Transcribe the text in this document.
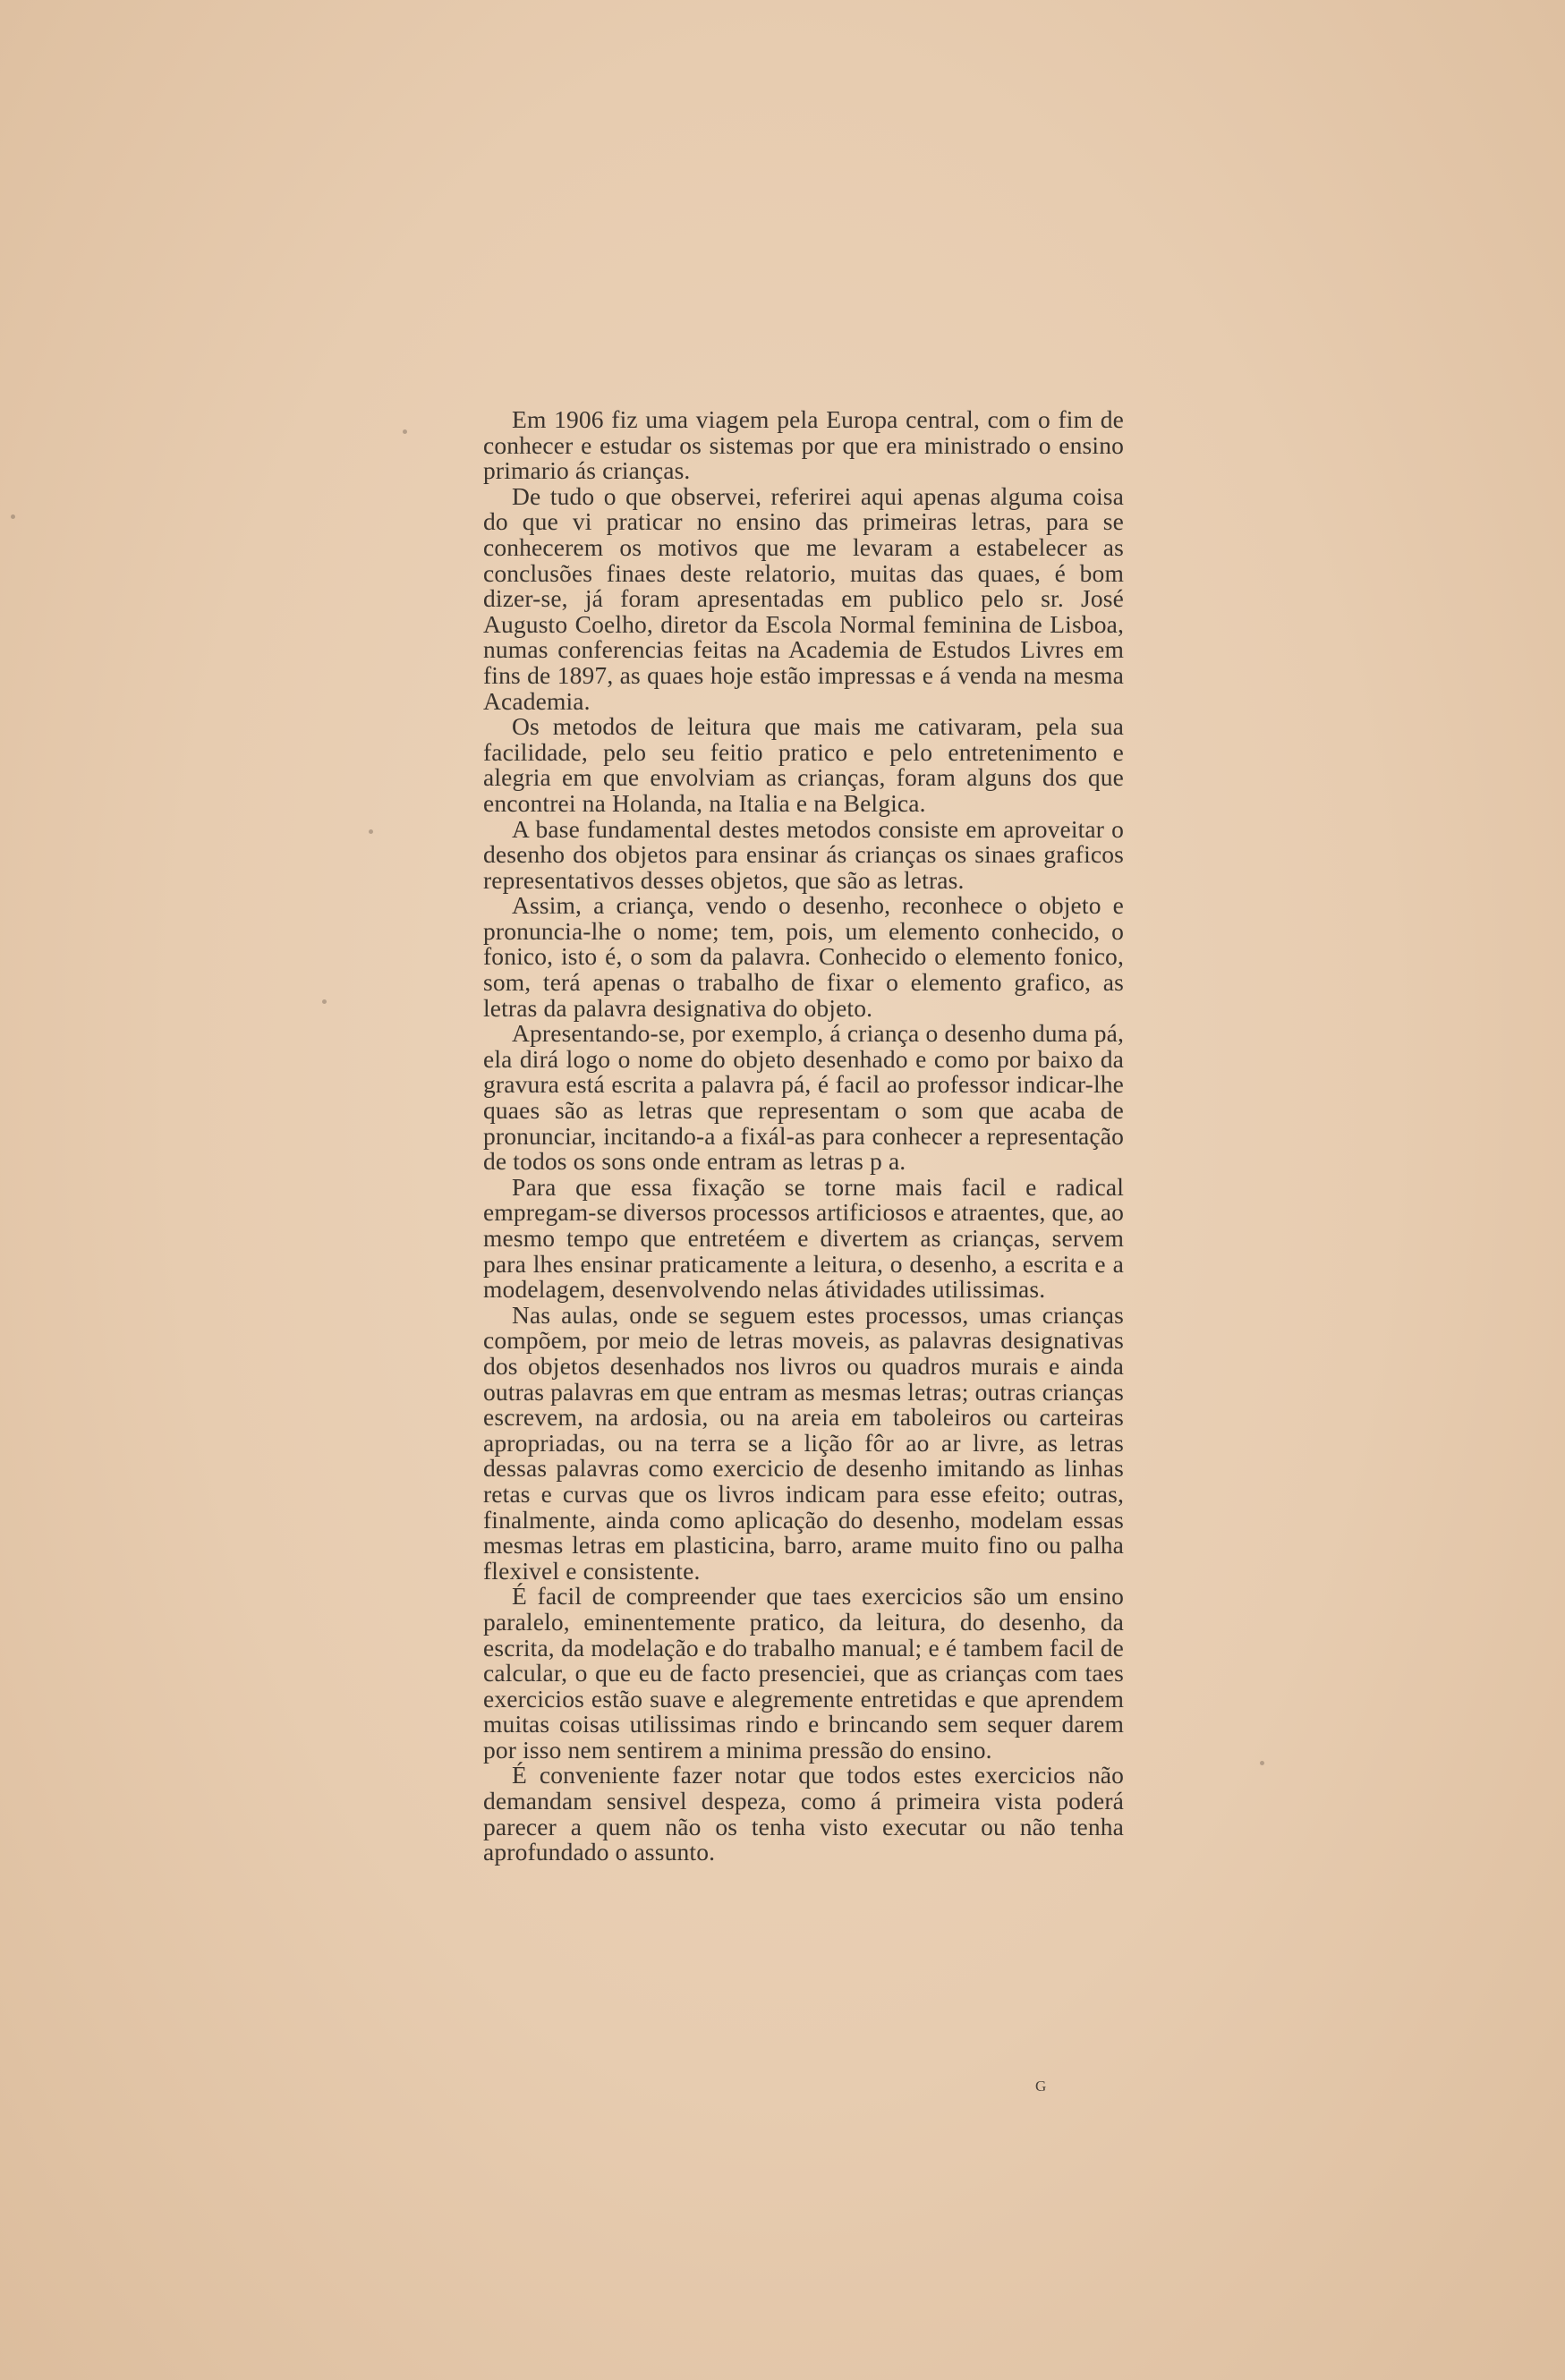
Em 1906 fiz uma viagem pela Europa central, com o fim de conhecer e estudar os sistemas por que era ministrado o ensino primario ás crianças.

De tudo o que observei, referirei aqui apenas alguma coisa do que vi praticar no ensino das primeiras letras, para se conhecerem os motivos que me levaram a estabelecer as conclusões finaes deste relatorio, muitas das quaes, é bom dizer-se, já foram apresentadas em publico pelo sr. José Augusto Coelho, diretor da Escola Normal feminina de Lisboa, numas conferencias feitas na Academia de Estudos Livres em fins de 1897, as quaes hoje estão impressas e á venda na mesma Academia.

Os metodos de leitura que mais me cativaram, pela sua facilidade, pelo seu feitio pratico e pelo entretenimento e alegria em que envolviam as crianças, foram alguns dos que encontrei na Holanda, na Italia e na Belgica.

A base fundamental destes metodos consiste em aproveitar o desenho dos objetos para ensinar ás crianças os sinaes graficos representativos desses objetos, que são as letras.

Assim, a criança, vendo o desenho, reconhece o objeto e pronuncia-lhe o nome; tem, pois, um elemento conhecido, o fonico, isto é, o som da palavra. Conhecido o elemento fonico, som, terá apenas o trabalho de fixar o elemento grafico, as letras da palavra designativa do objeto.

Apresentando-se, por exemplo, á criança o desenho duma pá, ela dirá logo o nome do objeto desenhado e como por baixo da gravura está escrita a palavra pá, é facil ao professor indicar-lhe quaes são as letras que representam o som que acaba de pronunciar, incitando-a a fixál-as para conhecer a representação de todos os sons onde entram as letras p a.

Para que essa fixação se torne mais facil e radical empregam-se diversos processos artificiosos e atraentes, que, ao mesmo tempo que entretéem e divertem as crianças, servem para lhes ensinar praticamente a leitura, o desenho, a escrita e a modelagem, desenvolvendo nelas átividades utilissimas.

Nas aulas, onde se seguem estes processos, umas crianças compõem, por meio de letras moveis, as palavras designativas dos objetos desenhados nos livros ou quadros murais e ainda outras palavras em que entram as mesmas letras; outras crianças escrevem, na ardosia, ou na areia em taboleiros ou carteiras apropriadas, ou na terra se a lição fôr ao ar livre, as letras dessas palavras como exercicio de desenho imitando as linhas retas e curvas que os livros indicam para esse efeito; outras, finalmente, ainda como aplicação do desenho, modelam essas mesmas letras em plasticina, barro, arame muito fino ou palha flexivel e consistente.

É facil de compreender que taes exercicios são um ensino paralelo, eminentemente pratico, da leitura, do desenho, da escrita, da modelação e do trabalho manual; e é tambem facil de calcular, o que eu de facto presenciei, que as crianças com taes exercicios estão suave e alegremente entretidas e que aprendem muitas coisas utilissimas rindo e brincando sem sequer darem por isso nem sentirem a minima pressão do ensino.

É conveniente fazer notar que todos estes exercicios não demandam sensivel despeza, como á primeira vista poderá parecer a quem não os tenha visto executar ou não tenha aprofundado o assunto.

G
